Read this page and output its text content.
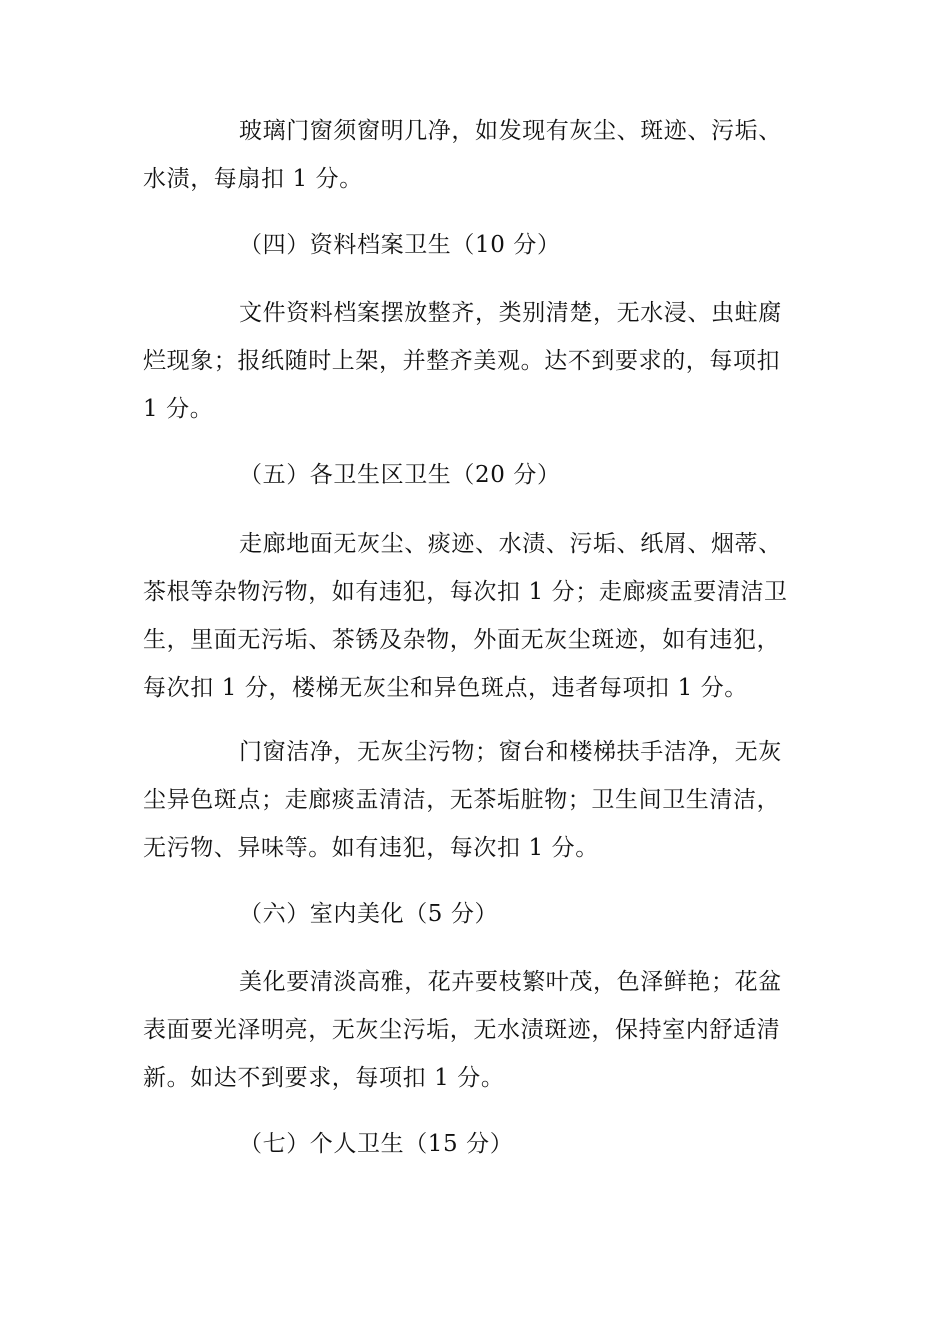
玻璃门窗须窗明几净，如发现有灰尘、斑迹、污垢、
水渍，每扇扣 1 分。
（四）资料档案卫生（10 分）
文件资料档案摆放整齐，类别清楚，无水浸、虫蛀腐
烂现象；报纸随时上架，并整齐美观。达不到要求的，每项扣
1 分。
（五）各卫生区卫生（20 分）
走廊地面无灰尘、痰迹、水渍、污垢、纸屑、烟蒂、
茶根等杂物污物，如有违犯，每次扣 1 分；走廊痰盂要清洁卫
生，里面无污垢、茶锈及杂物，外面无灰尘斑迹，如有违犯，
每次扣 1 分，楼梯无灰尘和异色斑点，违者每项扣 1 分。
门窗洁净，无灰尘污物；窗台和楼梯扶手洁净，无灰
尘异色斑点；走廊痰盂清洁，无茶垢脏物；卫生间卫生清洁，
无污物、异味等。如有违犯，每次扣 1 分。
（六）室内美化（5 分）
美化要清淡高雅，花卉要枝繁叶茂，色泽鲜艳；花盆
表面要光泽明亮，无灰尘污垢，无水渍斑迹，保持室内舒适清
新。如达不到要求，每项扣 1 分。
（七）个人卫生（15 分）
